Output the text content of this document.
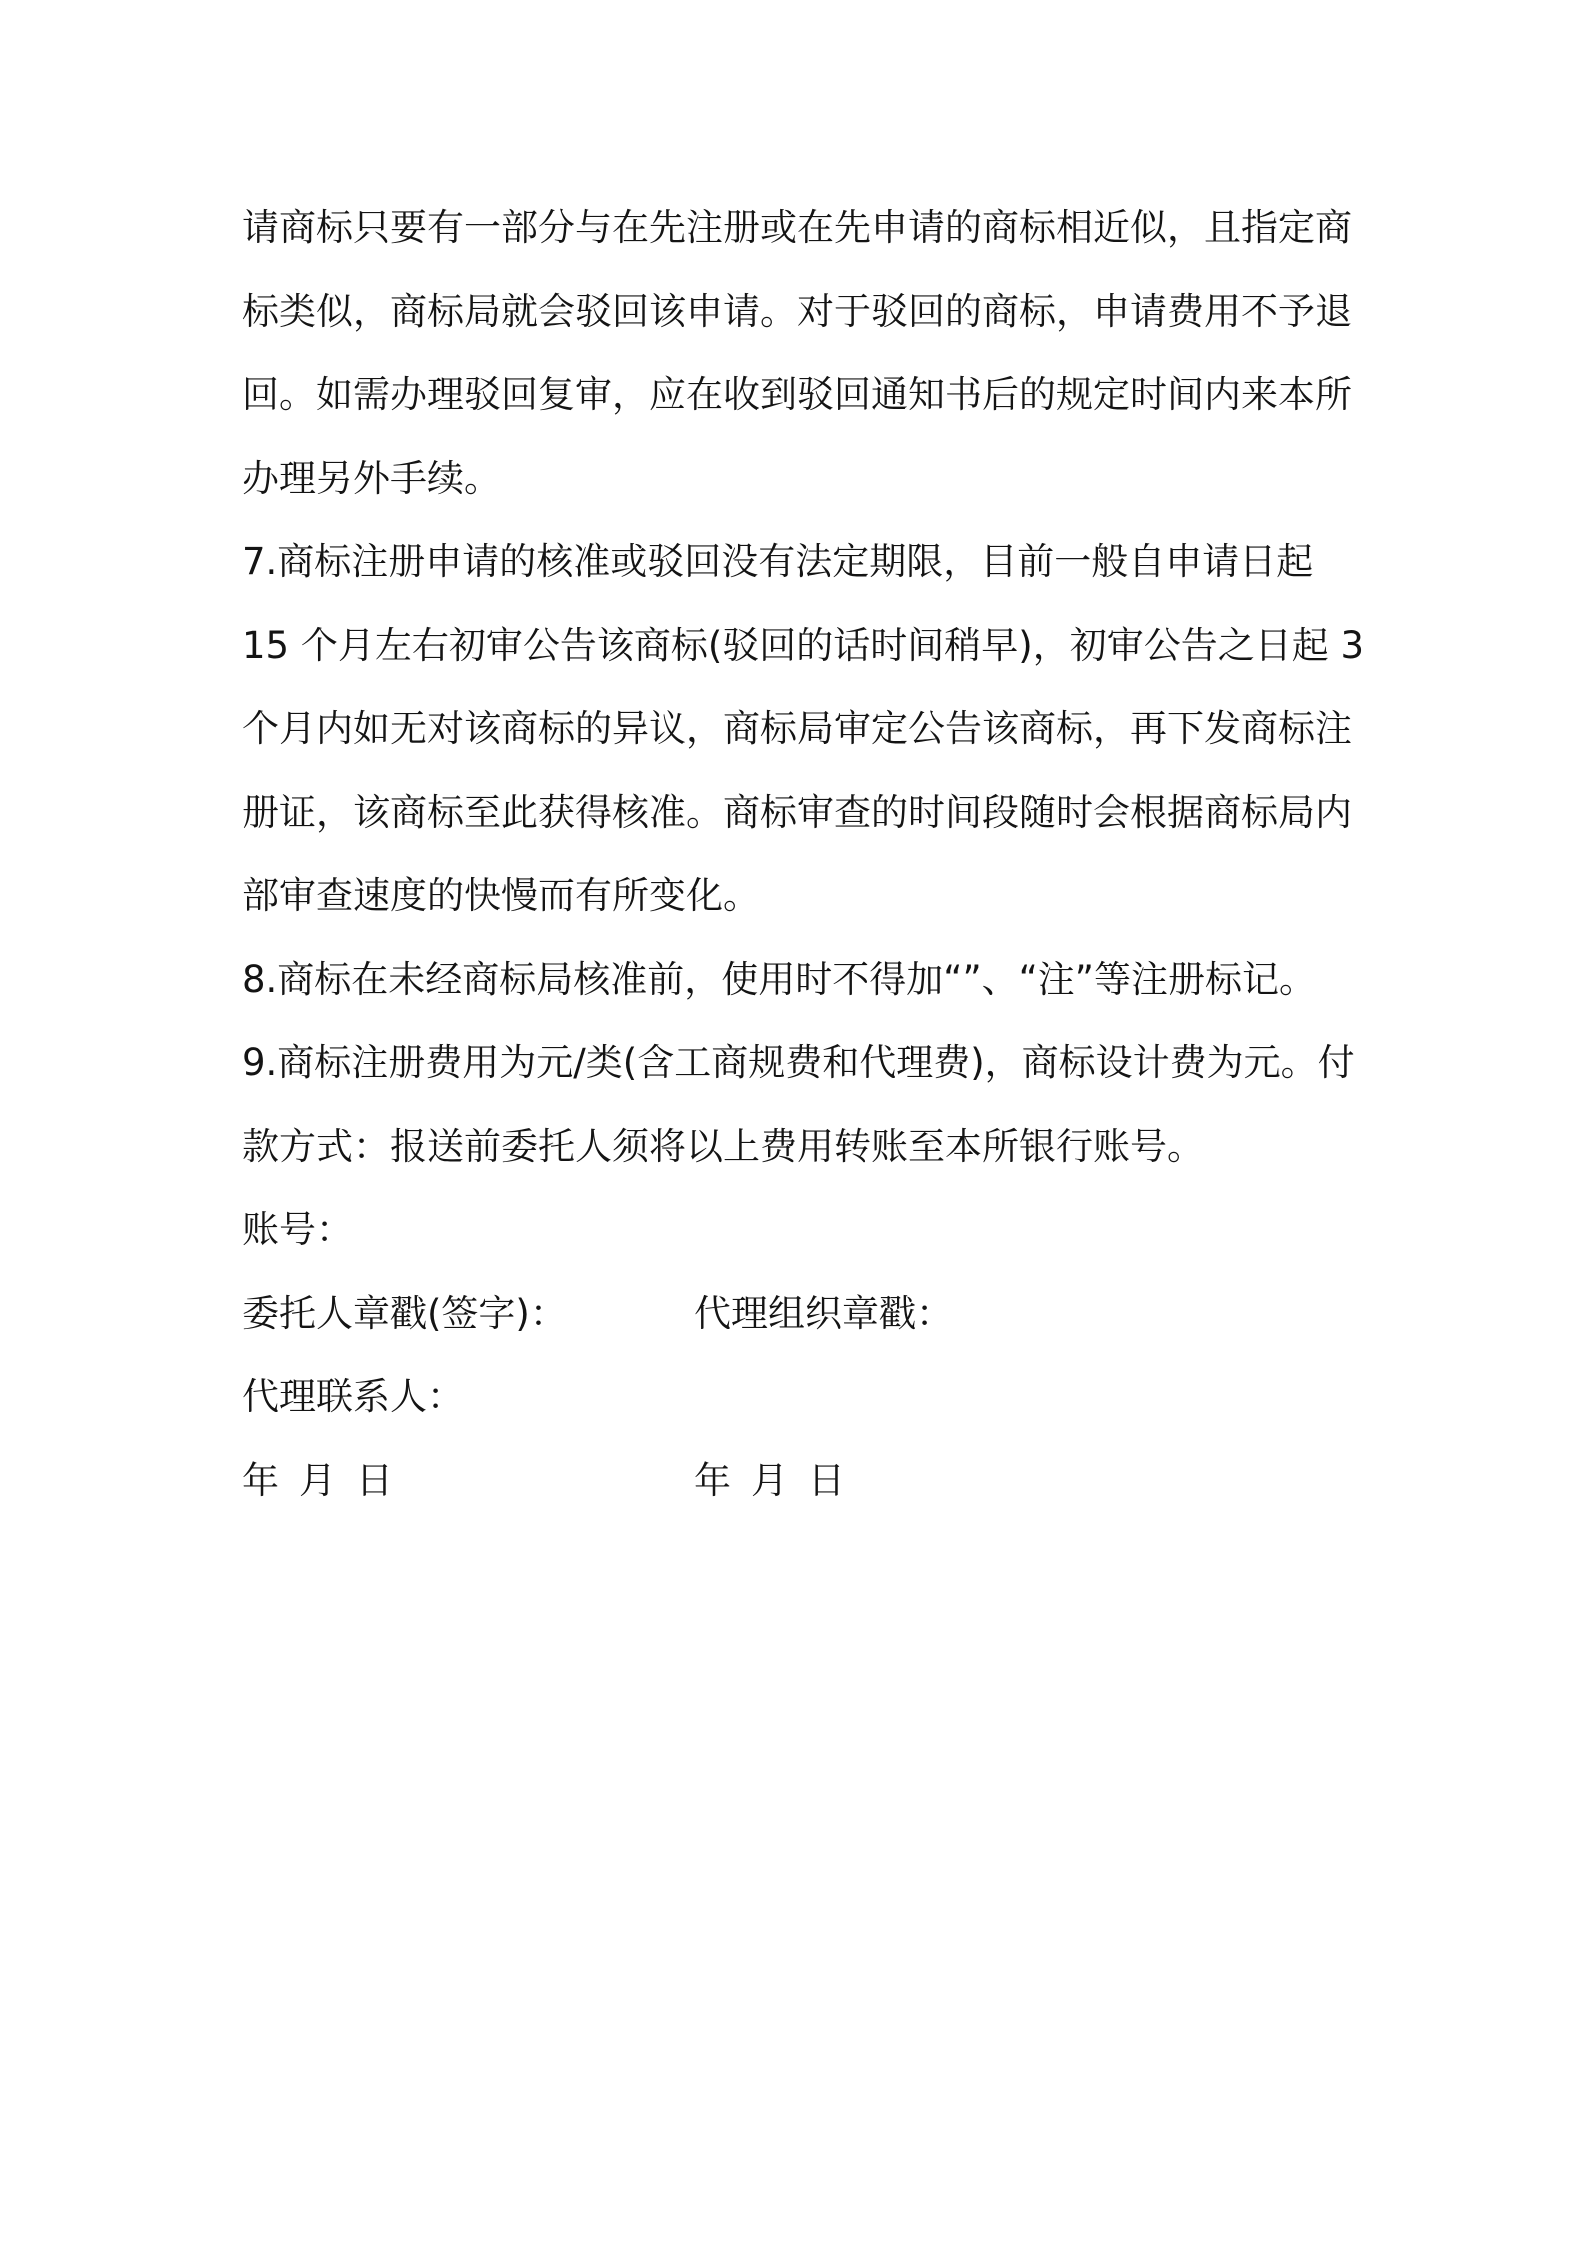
请商标只要有一部分与在先注册或在先申请的商标相近似，且指定商
标类似，商标局就会驳回该申请。对于驳回的商标，申请费用不予退
回。如需办理驳回复审，应在收到驳回通知书后的规定时间内来本所
办理另外手续。
7.商标注册申请的核准或驳回没有法定期限，目前一般自申请日起
15 个月左右初审公告该商标(驳回的话时间稍早)，初审公告之日起 3
个月内如无对该商标的异议，商标局审定公告该商标，再下发商标注
册证，该商标至此获得核准。商标审查的时间段随时会根据商标局内
部审查速度的快慢而有所变化。
8.商标在未经商标局核准前，使用时不得加“”、“注”等注册标记。
9.商标注册费用为元/类(含工商规费和代理费)，商标设计费为元。付
款方式：报送前委托人须将以上费用转账至本所银行账号。
账号：
委托人章戳(签字)：	代理组织章戳：
代理联系人：
年 月 日	年 月 日
